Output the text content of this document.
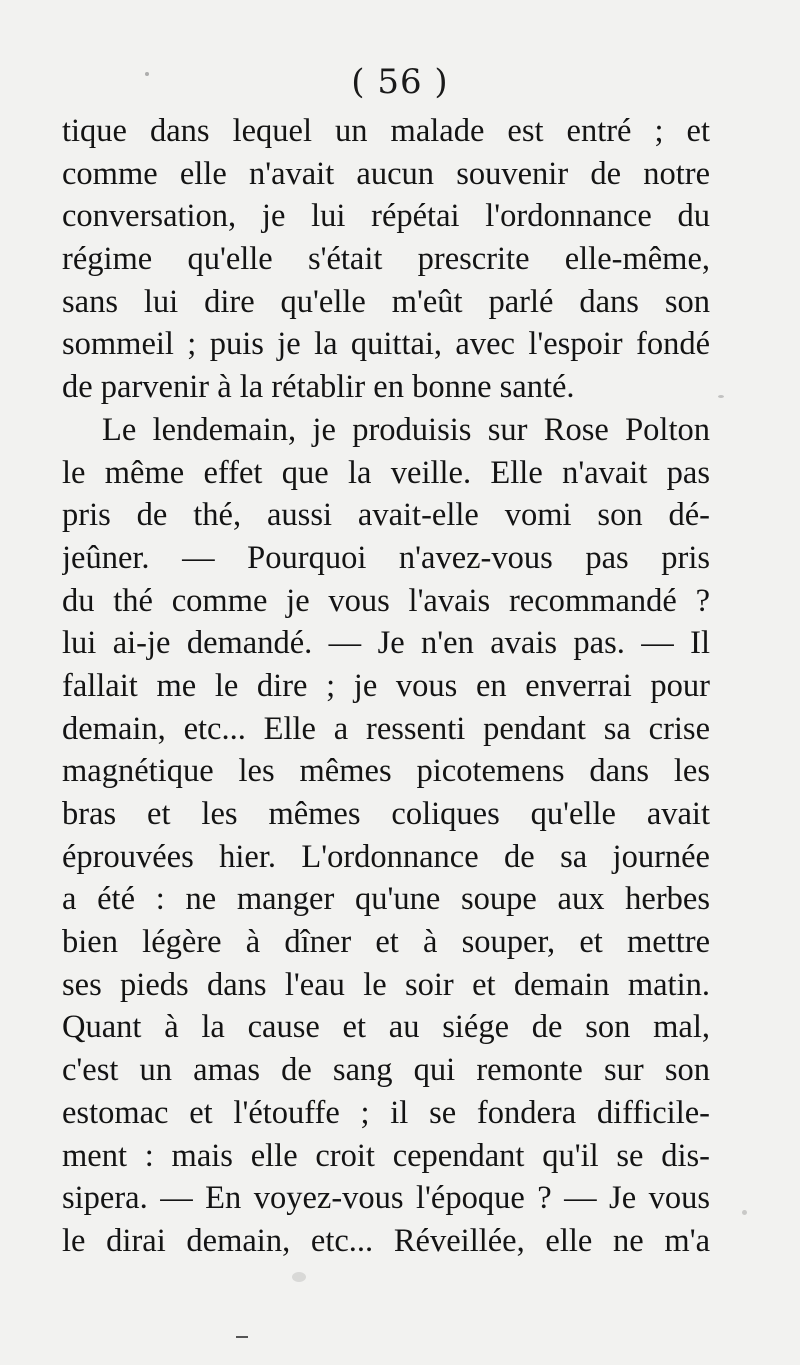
( 56 )
tique dans lequel un malade est entré ; et
comme elle n'avait aucun souvenir de notre
conversation, je lui répétai l'ordonnance du
régime qu'elle s'était prescrite elle-même,
sans lui dire qu'elle m'eût parlé dans son
sommeil ; puis je la quittai, avec l'espoir fondé
de parvenir à la rétablir en bonne santé.
Le lendemain, je produisis sur Rose Polton
le même effet que la veille. Elle n'avait pas
pris de thé, aussi avait-elle vomi son dé-
jeûner. — Pourquoi n'avez-vous pas pris
du thé comme je vous l'avais recommandé ?
lui ai-je demandé. — Je n'en avais pas. — Il
fallait me le dire ; je vous en enverrai pour
demain, etc... Elle a ressenti pendant sa crise
magnétique les mêmes picotemens dans les
bras et les mêmes coliques qu'elle avait
éprouvées hier. L'ordonnance de sa journée
a été : ne manger qu'une soupe aux herbes
bien légère à dîner et à souper, et mettre
ses pieds dans l'eau le soir et demain matin.
Quant à la cause et au siége de son mal,
c'est un amas de sang qui remonte sur son
estomac et l'étouffe ; il se fondera difficile-
ment : mais elle croit cependant qu'il se dis-
sipera. — En voyez-vous l'époque ? — Je vous
le dirai demain, etc... Réveillée, elle ne m'a
